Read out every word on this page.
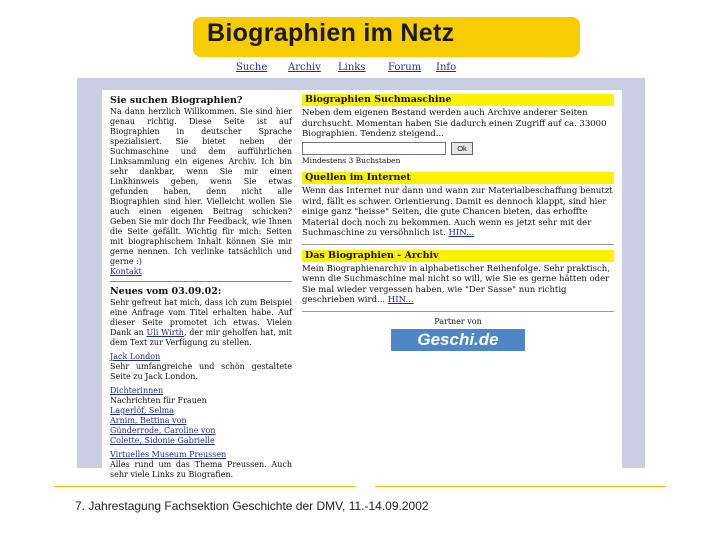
Biographien im Netz
Suche Archiv Links Forum Info
Sie suchen Biographien?

Na dann herzlich Willkommen. Sie sind hier genau richtig. Diese Seite ist auf Biographien in deutscher Sprache spezialisiert. Sie bietet neben der Suchmaschine und dem aufführlichen Linksammlung ein eigenes Archiv. Ich bin sehr dankbar, wenn Sie mir einen Linkhinweis geben, wenn Sie etwas gefunden haben, denn nicht alle Biographien sind hier. Vielleicht wollen Sie auch einen eigenen Beitrag schicken? Geben Sie mir doch Ihr Feedback, wie Ihnen die Seite gefällt. Wichtig für mich: Seiten mit biographischem Inhalt können Sie mir gerne nennen. Ich verlinke tatsächlich und gerne :)

Kontakt

Neues vom 03.09.02:

Sehr gefreut hat mich, dass ich zum Beispiel eine Anfrage vom Titel erhalten habe. Auf dieser Seite promotet ich etwas. Vielen Dank an Uli Wirth, der mir geholfen hat, mit dem Text zur Verfügung zu stellen.

Jack London

Sehr umfangreiche und schön gestaltete Seite zu Jack London.

Dichterinnen

Nachrichten für Frauen

Lagerlöf, Selma

Arnim, Bettina von

Günderrode, Caroline von

Colette, Sidonie Gabrielle

Virtuelles Museum Preussen

Alles rund um das Thema Preussen. Auch sehr viele Links zu Biografien.

Biographien Suchmaschine

Neben dem eigenen Bestand werden auch Archive anderer Seiten durchsucht. Momentan haben Sie dadurch einen Zugriff auf ca. 33000 Biographien. Tendenz steigend...

Ok
Mindestens 3 Buchstaben
Quellen im Internet

Wenn das Internet nur dann und wann zur Materialbeschaffung benutzt wird, fällt es schwer. Orientierung. Damit es dennoch klappt, sind hier einige ganz "heisse" Seiten, die gute Chancen bieten, das erhoffte Material doch noch zu bekommen. Auch wenn es jetzt sehr mit der Suchmaschine zu versöhnlich ist. HIN...

Das Biographien - Archiv

Mein Biographienarchiv in alphabetischer Reihenfolge. Sehr praktisch, wenn die Suchmaschine mal nicht so will, wie Sie es gerne hätten oder Sie mal wieder vergessen haben, wie "Der Sasse" nun richtig geschrieben wird... HIN...

Partner von
Geschi.de
7. Jahrestagung Fachsektion Geschichte der DMV, 11.-14.09.2002
